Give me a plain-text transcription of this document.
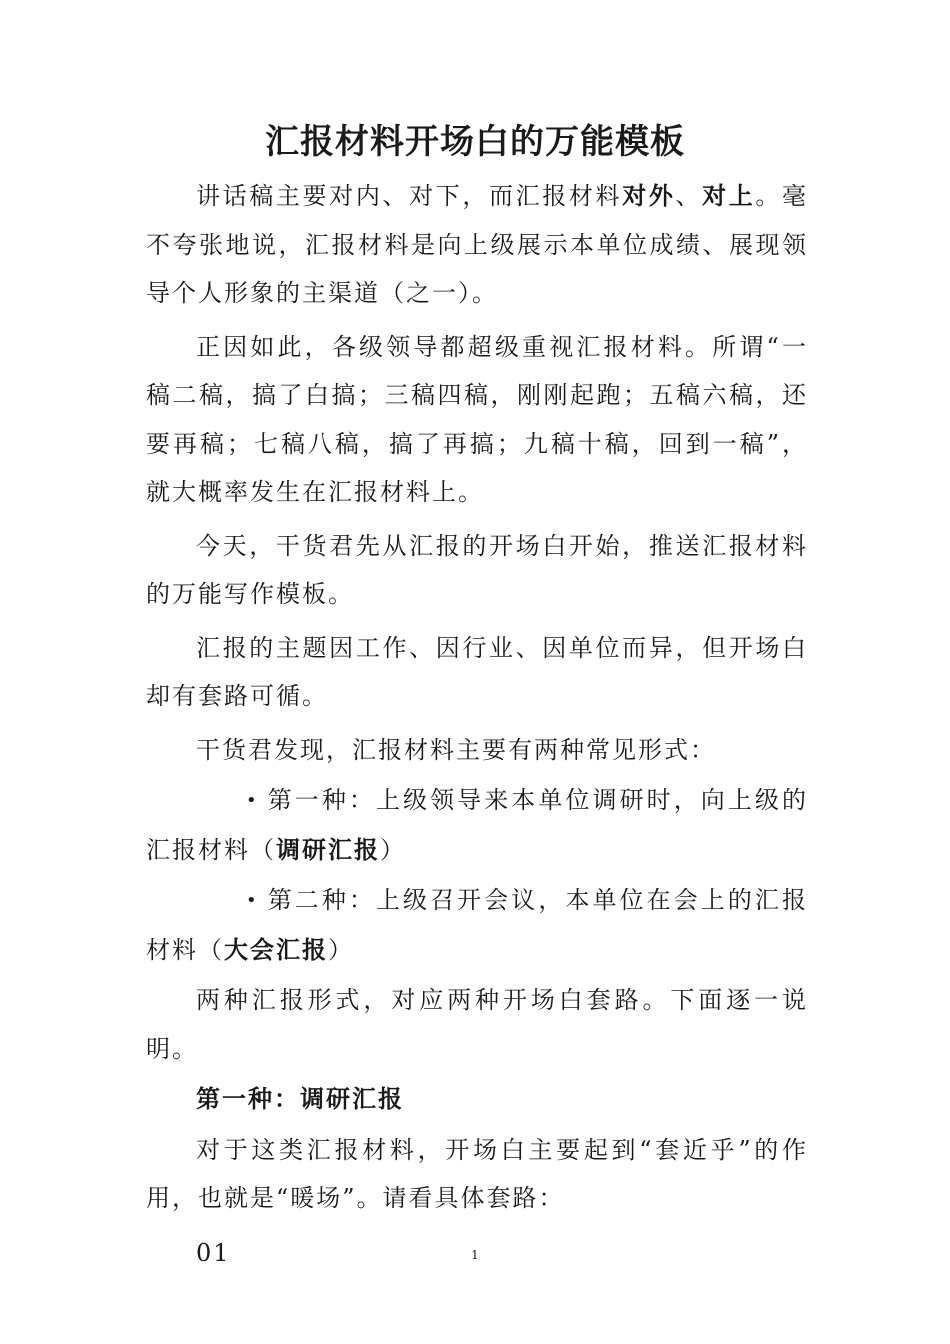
汇报材料开场白的万能模板

讲话稿主要对内、对下，而汇报材料对外、对上。毫不夸张地说，汇报材料是向上级展示本单位成绩、展现领导个人形象的主渠道（之一）。

正因如此，各级领导都超级重视汇报材料。所谓“一稿二稿，搞了白搞；三稿四稿，刚刚起跑；五稿六稿，还要再稿；七稿八稿，搞了再搞；九稿十稿，回到一稿”，就大概率发生在汇报材料上。

今天，干货君先从汇报的开场白开始，推送汇报材料的万能写作模板。

汇报的主题因工作、因行业、因单位而异，但开场白却有套路可循。

干货君发现，汇报材料主要有两种常见形式：

• 第一种：上级领导来本单位调研时，向上级的汇报材料（调研汇报）

• 第二种：上级召开会议，本单位在会上的汇报材料（大会汇报）

两种汇报形式，对应两种开场白套路。下面逐一说明。

第一种：调研汇报

对于这类汇报材料，开场白主要起到“套近乎”的作用，也就是“暖场”。请看具体套路：

01	1
